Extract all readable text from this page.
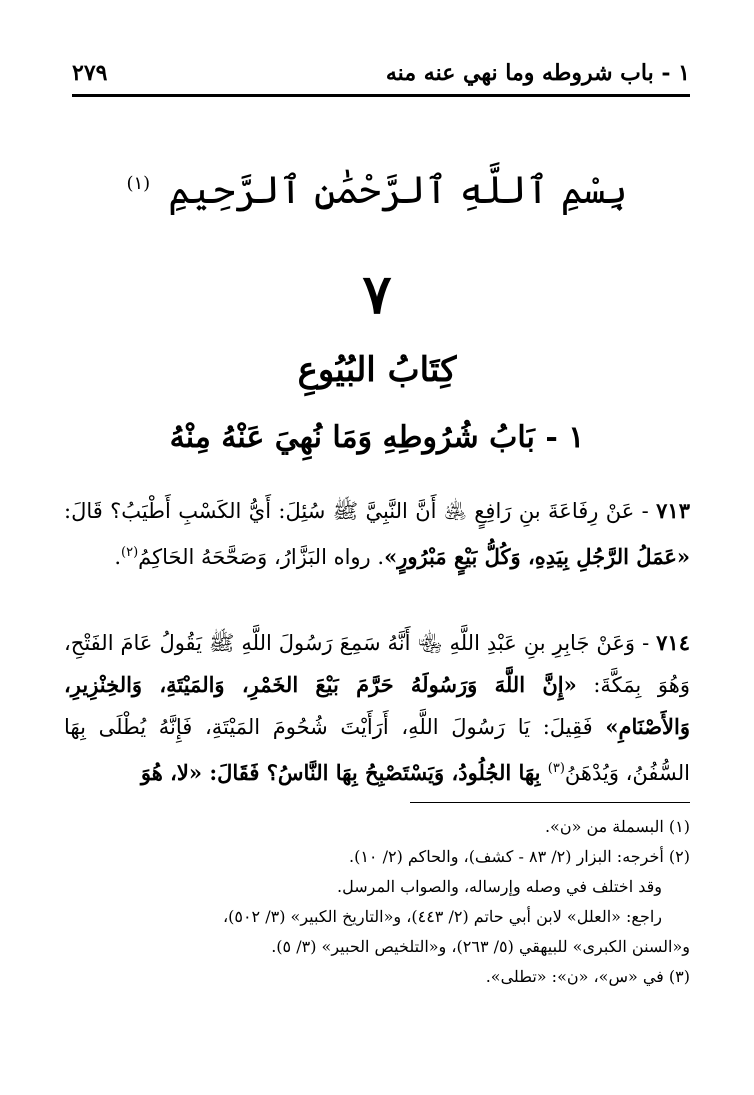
١ - باب شروطه وما نهي عنه منه
٢٧٩
بِسْمِ ٱللَّهِ ٱلرَّحْمَٰنِ ٱلرَّحِيمِ $^{(١)}$
٧
كِتَابُ البُيُوعِ
١ - بَابُ شُرُوطِهِ وَمَا نُهِيَ عَنْهُ مِنْهُ
٧١٣ - عَنْ رِفَاعَةَ بنِ رَافِعٍ ﵁ أَنَّ النَّبِيَّ ﷺ سُئِلَ: أَيُّ الكَسْبِ أَطْيَبُ؟ قَالَ: «عَمَلُ الرَّجُلِ بِيَدِهِ، وَكُلُّ بَيْعٍ مَبْرُورٍ». رواه البَزَّارُ، وَصَحَّحَهُ الحَاكِمُ$^{(٢)}$.
٧١٤ - وَعَنْ جَابِرِ بنِ عَبْدِ اللَّهِ ﵄ أَنَّهُ سَمِعَ رَسُولَ اللَّهِ ﷺ يَقُولُ عَامَ الفَتْحِ، وَهُوَ بِمَكَّةَ: «إِنَّ اللَّهَ وَرَسُولَهُ حَرَّمَ بَيْعَ الخَمْرِ، وَالمَيْتَةِ، وَالخِنْزِيرِ، وَالأَصْنَامِ» فَقِيلَ: يَا رَسُولَ اللَّهِ، أَرَأَيْتَ شُحُومَ المَيْتَةِ، فَإِنَّهُ يُطْلَى بِهَا السُّفُنُ، وَيُدْهَنُ$^{(٣)}$ بِهَا الجُلُودُ، وَيَسْتَصْبِحُ بِهَا النَّاسُ؟ فَقَالَ: «لا، هُوَ
(١) البسملة من «ن».
(٢) أخرجه: البزار (٢/ ٨٣ - كشف)، والحاكم (٢/ ١٠).
وقد اختلف في وصله وإرساله، والصواب المرسل.
راجع: «العلل» لابن أبي حاتم (٢/ ٤٤٣)، و«التاريخ الكبير» (٣/ ٥٠٢)،
و«السنن الكبرى» للبيهقي (٥/ ٢٦٣)، و«التلخيص الحبير» (٣/ ٥).
(٣) في «س»، «ن»: «تطلى».
